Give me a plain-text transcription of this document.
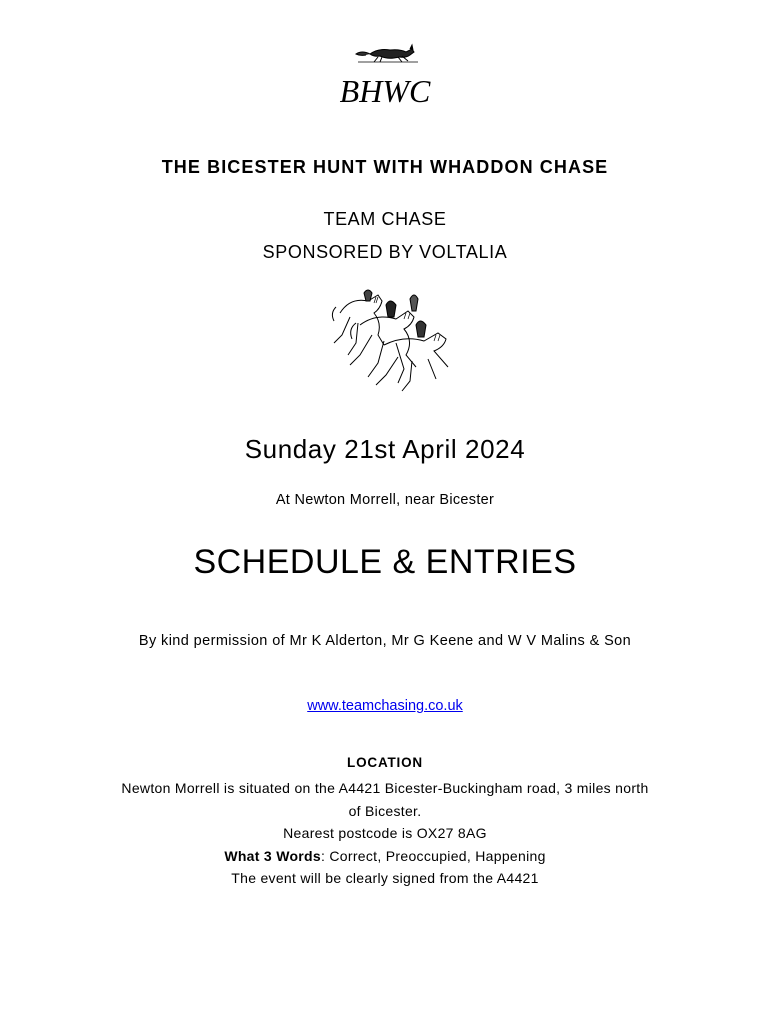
BHWC
THE BICESTER HUNT WITH WHADDON CHASE
TEAM CHASE
SPONSORED BY VOLTALIA
Sunday 21st April 2024
At Newton Morrell, near Bicester
SCHEDULE & ENTRIES
By kind permission of Mr K Alderton, Mr G Keene and W V Malins & Son
www.teamchasing.co.uk
LOCATION
Newton Morrell is situated on the A4421 Bicester-Buckingham road, 3 miles north of Bicester.
Nearest postcode is OX27 8AG
What 3 Words: Correct, Preoccupied, Happening
The event will be clearly signed from the A4421
